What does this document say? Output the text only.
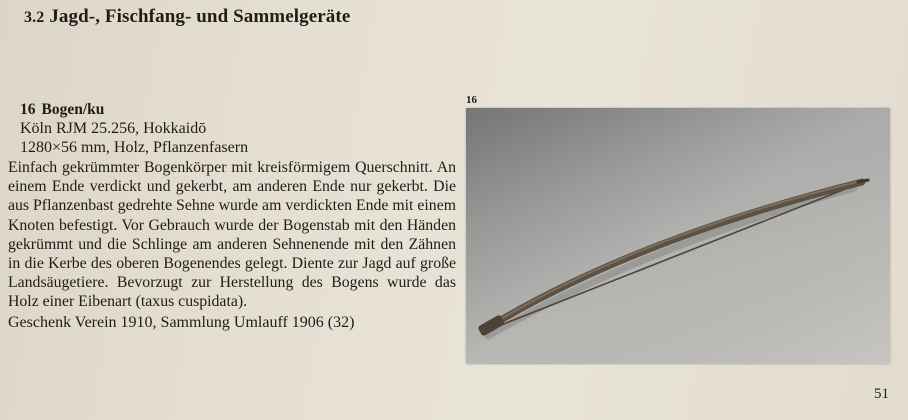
3.2 Jagd-, Fischfang- und Sammelgeräte
16 Bogen/ku
Köln RJM 25.256, Hokkaidō
1280×56 mm, Holz, Pflanzenfasern
Einfach gekrümmter Bogenkörper mit kreisförmigem Querschnitt. An einem Ende verdickt und gekerbt, am anderen Ende nur gekerbt. Die aus Pflanzenbast gedrehte Sehne wurde am verdickten Ende mit einem Knoten befestigt. Vor Gebrauch wurde der Bogenstab mit den Händen gekrümmt und die Schlinge am anderen Sehnenende mit den Zähnen in die Kerbe des oberen Bogenendes gelegt. Diente zur Jagd auf große Landsäugetiere. Bevorzugt zur Herstellung des Bogens wurde das Holz einer Eibenart (taxus cuspidata).
Geschenk Verein 1910, Sammlung Umlauff 1906 (32)
16
51
